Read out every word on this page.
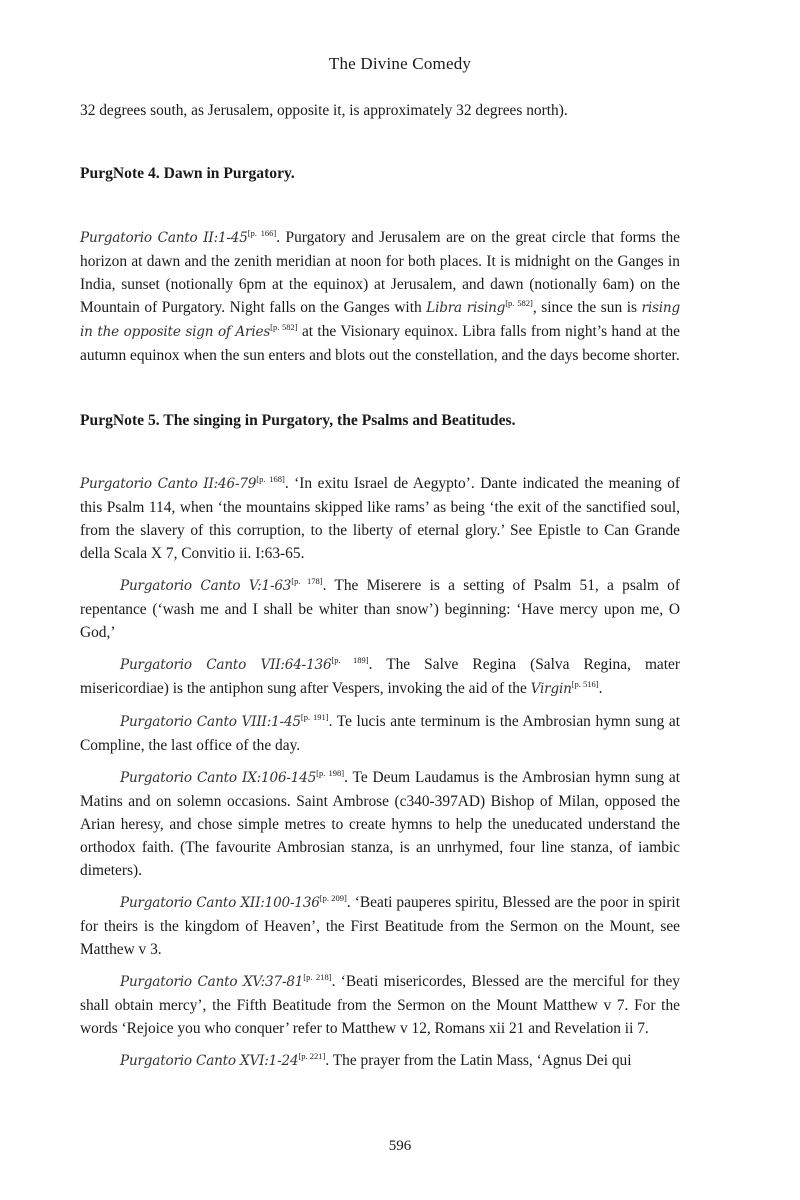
The Divine Comedy

32 degrees south, as Jerusalem, opposite it, is approximately 32 degrees north).

PurgNote 4. Dawn in Purgatory.

Purgatorio Canto II:1-45[p. 166]. Purgatory and Jerusalem are on the great circle that forms the horizon at dawn and the zenith meridian at noon for both places. It is midnight on the Ganges in India, sunset (notionally 6pm at the equinox) at Jerusalem, and dawn (notionally 6am) on the Mountain of Purgatory. Night falls on the Ganges with Libra rising[p. 582], since the sun is rising in the opposite sign of Aries[p. 582] at the Visionary equinox. Libra falls from night’s hand at the autumn equinox when the sun enters and blots out the constellation, and the days become shorter.

PurgNote 5. The singing in Purgatory, the Psalms and Beatitudes.

Purgatorio Canto II:46-79[p. 168]. ‘In exitu Israel de Aegypto’. Dante indicated the meaning of this Psalm 114, when ‘the mountains skipped like rams’ as being ‘the exit of the sanctified soul, from the slavery of this corruption, to the liberty of eternal glory.’ See Epistle to Can Grande della Scala X 7, Convitio ii. I:63-65.

Purgatorio Canto V:1-63[p. 178]. The Miserere is a setting of Psalm 51, a psalm of repentance (‘wash me and I shall be whiter than snow’) beginning: ‘Have mercy upon me, O God,’

Purgatorio Canto VII:64-136[p. 189]. The Salve Regina (Salva Regina, mater misericordiae) is the antiphon sung after Vespers, invoking the aid of the Virgin[p. 516].

Purgatorio Canto VIII:1-45[p. 191]. Te lucis ante terminum is the Ambrosian hymn sung at Compline, the last office of the day.

Purgatorio Canto IX:106-145[p. 198]. Te Deum Laudamus is the Ambrosian hymn sung at Matins and on solemn occasions. Saint Ambrose (c340-397AD) Bishop of Milan, opposed the Arian heresy, and chose simple metres to create hymns to help the uneducated understand the orthodox faith. (The favourite Ambrosian stanza, is an unrhymed, four line stanza, of iambic dimeters).

Purgatorio Canto XII:100-136[p. 209]. ‘Beati pauperes spiritu, Blessed are the poor in spirit for theirs is the kingdom of Heaven’, the First Beatitude from the Sermon on the Mount, see Matthew v 3.

Purgatorio Canto XV:37-81[p. 218]. ‘Beati misericordes, Blessed are the merciful for they shall obtain mercy’, the Fifth Beatitude from the Sermon on the Mount Matthew v 7. For the words ‘Rejoice you who conquer’ refer to Matthew v 12, Romans xii 21 and Revelation ii 7.

Purgatorio Canto XVI:1-24[p. 221]. The prayer from the Latin Mass, ‘Agnus Dei qui

596
